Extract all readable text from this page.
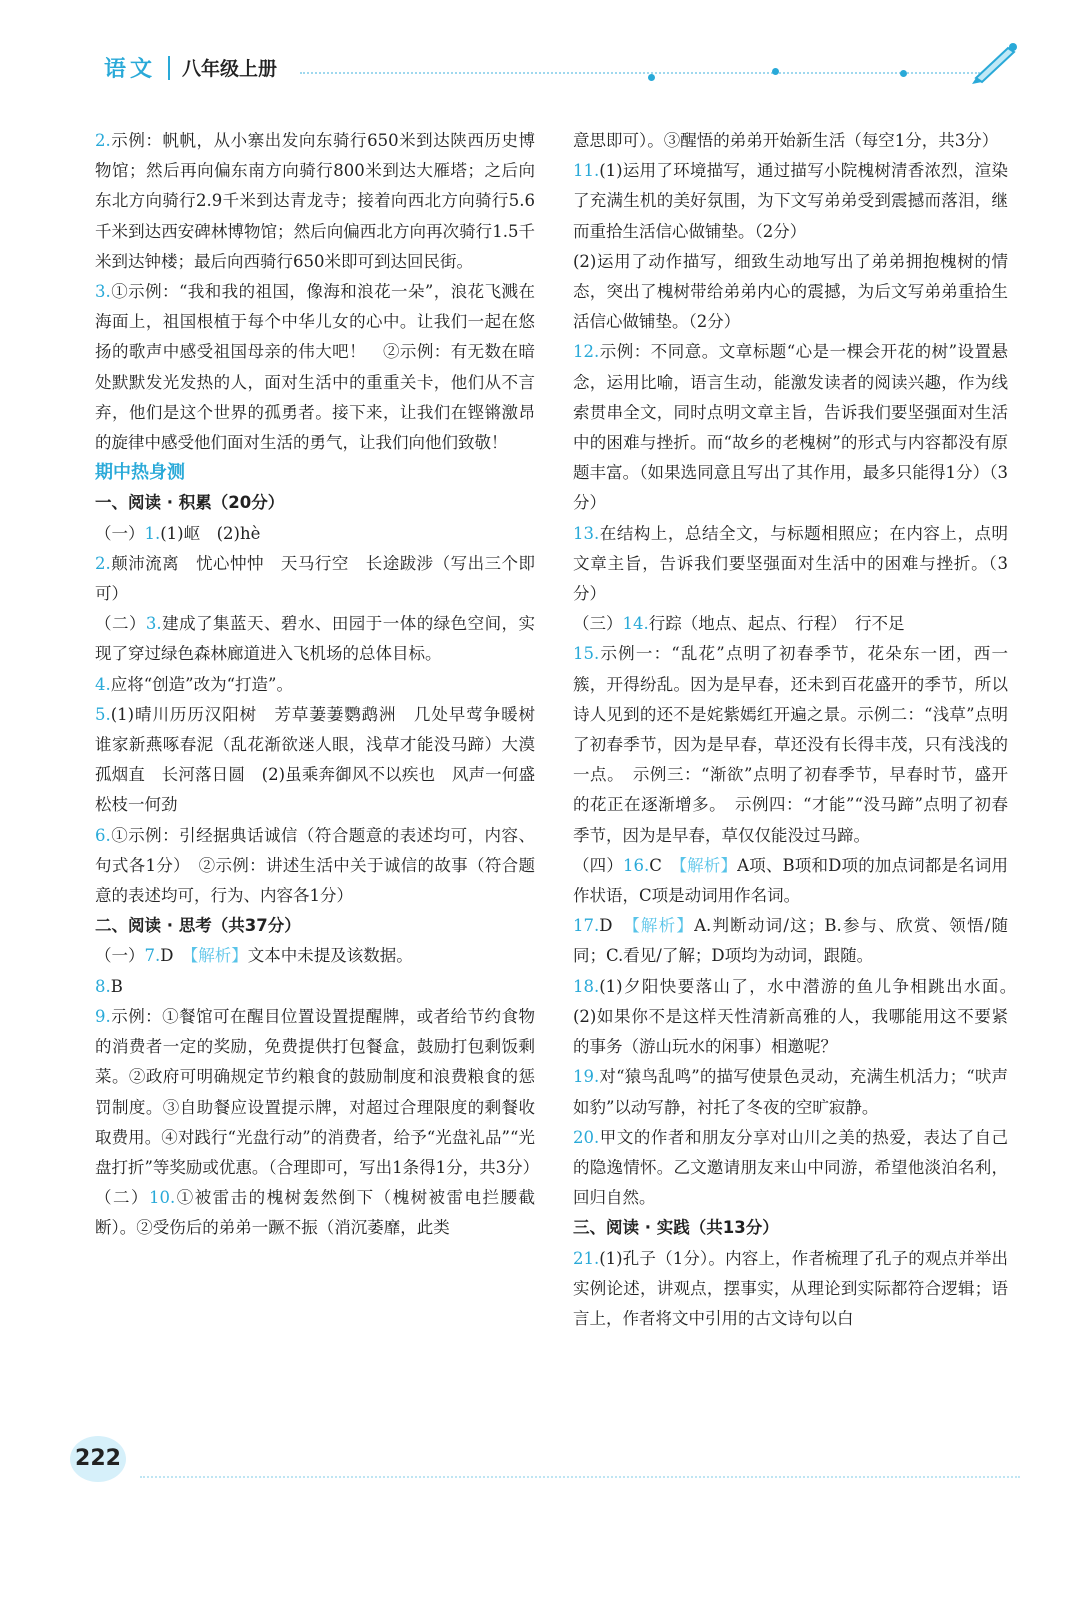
语文 八年级上册

2.示例：帆帆，从小寨出发向东骑行650米到达陕西历史博物馆；然后再向偏东南方向骑行800米到达大雁塔；之后向东北方向骑行2.9千米到达青龙寺；接着向西北方向骑行5.6千米到达西安碑林博物馆；然后向偏西北方向再次骑行1.5千米到达钟楼；最后向西骑行650米即可到达回民街。

3.①示例：“我和我的祖国，像海和浪花一朵”，浪花飞溅在海面上，祖国根植于每个中华儿女的心中。让我们一起在悠扬的歌声中感受祖国母亲的伟大吧！　②示例：有无数在暗处默默发光发热的人，面对生活中的重重关卡，他们从不言弃，他们是这个世界的孤勇者。接下来，让我们在铿锵激昂的旋律中感受他们面对生活的勇气，让我们向他们致敬！

期中热身测

一、阅读 · 积累（20分）

（一）1.(1)岖　(2)hè

2.颠沛流离　忧心忡忡　天马行空　长途跋涉（写出三个即可）

（二）3.建成了集蓝天、碧水、田园于一体的绿色空间，实现了穿过绿色森林廊道进入飞机场的总体目标。

4.应将“创造”改为“打造”。

5.(1)晴川历历汉阳树　芳草萋萋鹦鹉洲　几处早莺争暖树　谁家新燕啄春泥（乱花渐欲迷人眼，浅草才能没马蹄）大漠孤烟直　长河落日圆　(2)虽乘奔御风不以疾也　风声一何盛　松枝一何劲

6.①示例：引经据典话诚信（符合题意的表述均可，内容、句式各1分）　②示例：讲述生活中关于诚信的故事（符合题意的表述均可，行为、内容各1分）

二、阅读 · 思考（共37分）

（一）7.D　【解析】文本中未提及该数据。

8.B

9.示例：①餐馆可在醒目位置设置提醒牌，或者给节约食物的消费者一定的奖励，免费提供打包餐盒，鼓励打包剩饭剩菜。②政府可明确规定节约粮食的鼓励制度和浪费粮食的惩罚制度。③自助餐应设置提示牌，对超过合理限度的剩餐收取费用。④对践行“光盘行动”的消费者，给予“光盘礼品”“光盘打折”等奖励或优惠。（合理即可，写出1条得1分，共3分）

（二）10.①被雷击的槐树轰然倒下（槐树被雷电拦腰截断）。②受伤后的弟弟一蹶不振（消沉萎靡，此类

意思即可）。③醒悟的弟弟开始新生活（每空1分，共3分）

11.(1)运用了环境描写，通过描写小院槐树清香浓烈，渲染了充满生机的美好氛围，为下文写弟弟受到震撼而落泪，继而重拾生活信心做铺垫。（2分）

(2)运用了动作描写，细致生动地写出了弟弟拥抱槐树的情态，突出了槐树带给弟弟内心的震撼，为后文写弟弟重拾生活信心做铺垫。（2分）

12.示例：不同意。文章标题“心是一棵会开花的树”设置悬念，运用比喻，语言生动，能激发读者的阅读兴趣，作为线索贯串全文，同时点明文章主旨，告诉我们要坚强面对生活中的困难与挫折。而“故乡的老槐树”的形式与内容都没有原题丰富。（如果选同意且写出了其作用，最多只能得1分）（3分）

13.在结构上，总结全文，与标题相照应；在内容上，点明文章主旨，告诉我们要坚强面对生活中的困难与挫折。（3分）

（三）14.行踪（地点、起点、行程）　行不足

15.示例一：“乱花”点明了初春季节，花朵东一团，西一簇，开得纷乱。因为是早春，还未到百花盛开的季节，所以诗人见到的还不是姹紫嫣红开遍之景。示例二：“浅草”点明了初春季节，因为是早春，草还没有长得丰茂，只有浅浅的一点。　示例三：“渐欲”点明了初春季节，早春时节，盛开的花正在逐渐增多。　示例四：“才能”“没马蹄”点明了初春季节，因为是早春，草仅仅能没过马蹄。

（四）16.C　【解析】A项、B项和D项的加点词都是名词用作状语，C项是动词用作名词。

17.D　【解析】A.判断动词/这；B.参与、欣赏、领悟/随同；C.看见/了解；D项均为动词，跟随。

18.(1)夕阳快要落山了，水中潜游的鱼儿争相跳出水面。　(2)如果你不是这样天性清新高雅的人，我哪能用这不要紧的事务（游山玩水的闲事）相邀呢？

19.对“猿鸟乱鸣”的描写使景色灵动，充满生机活力；“吠声如豹”以动写静，衬托了冬夜的空旷寂静。

20.甲文的作者和朋友分享对山川之美的热爱，表达了自己的隐逸情怀。乙文邀请朋友来山中同游，希望他淡泊名利，回归自然。

三、阅读 · 实践（共13分）

21.(1)孔子（1分）。内容上，作者梳理了孔子的观点并举出实例论述，讲观点，摆事实，从理论到实际都符合逻辑；语言上，作者将文中引用的古文诗句以白

222
